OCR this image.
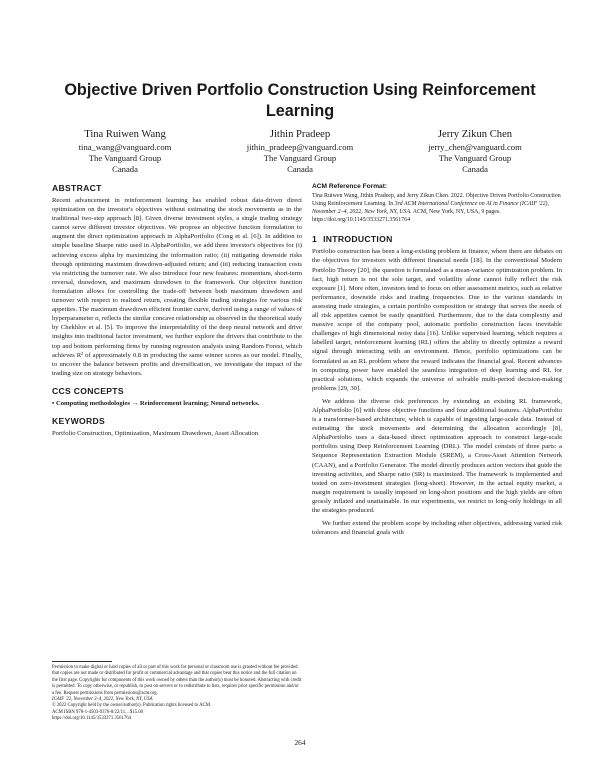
Objective Driven Portfolio Construction Using Reinforcement Learning
Tina Ruiwen Wang
tina_wang@vanguard.com
The Vanguard Group
Canada
Jithin Pradeep
jithin_pradeep@vanguard.com
The Vanguard Group
Canada
Jerry Zikun Chen
jerry_chen@vanguard.com
The Vanguard Group
Canada
ABSTRACT

Recent advancement in reinforcement learning has enabled robust data-driven direct optimization on the investor's objectives without estimating the stock movements as in the traditional two-step approach [8]. Given diverse investment styles, a single trading strategy cannot serve different investor objectives. We propose an objective function formulation to augment the direct optimization approach in AlphaPortfolio (Cong et al. [6]). In addition to simple baseline Sharpe ratio used in AlphaPortfolio, we add three investor's objectives for (i) achieving excess alpha by maximizing the information ratio; (ii) mitigating downside risks through optimizing maximum drawdown-adjusted return; and (iii) reducing transaction costs via restricting the turnover rate. We also introduce four new features: momentum, short-term reversal, drawdown, and maximum drawdown to the framework. Our objective function formulation allows for controlling the trade-off between both maximum drawdown and turnover with respect to realized return, creating flexible trading strategies for various risk appetites. The maximum drawdown efficient frontier curve, derived using a range of values of hyperparameter α, reflects the similar concave relationship as observed in the theoretical study by Chekhlov et al. [5]. To improve the interpretability of the deep neural network and drive insights into traditional factor investment, we further explore the drivers that contribute to the top and bottom performing firms by running regression analysis using Random Forest, which achieves R² of approximately 0.8 in producing the same winner scores as our model. Finally, to uncover the balance between profits and diversification, we investigate the impact of the trading size on strategy behaviors.

CCS CONCEPTS

• Computing methodologies → Reinforcement learning; Neural networks.

KEYWORDS

Portfolio Construction, Optimization, Maximum Drawdown, Asset Allocation

Permission to make digital or hard copies of all or part of this work for personal or classroom use is granted without fee provided that copies are not made or distributed for profit or commercial advantage and that copies bear this notice and the full citation on the first page. Copyrights for components of this work owned by others than the author(s) must be honored. Abstracting with credit is permitted. To copy otherwise, or republish, to post on servers or to redistribute to lists, requires prior specific permission and/or a fee. Request permissions from permissions@acm.org.

ICAIF '22, November 2–4, 2022, New York, NY, USA

© 2022 Copyright held by the owner/author(s). Publication rights licensed to ACM.

ACM ISBN 978-1-4503-9376-8/22/11... $15.00

https://doi.org/10.1145/3533271.3561764

ACM Reference Format:

Tina Ruiwen Wang, Jithin Pradeep, and Jerry Zikun Chen. 2022. Objective Driven Portfolio Construction Using Reinforcement Learning. In 3rd ACM International Conference on AI in Finance (ICAIF '22), November 2–4, 2022, New York, NY, USA. ACM, New York, NY, USA, 9 pages. https://doi.org/10.1145/3533271.3561764

1 INTRODUCTION

Portfolio construction has been a long-existing problem in finance, where there are debates on the objectives for investors with different financial needs [18]. In the conventional Modern Portfolio Theory [20], the question is formulated as a mean-variance optimization problem. In fact, high return is not the sole target, and volatility alone cannot fully reflect the risk exposure [1]. More often, investors tend to focus on other assessment metrics, such as relative performance, downside risks and trading frequencies. Due to the various standards in assessing trade strategies, a certain portfolio composition or strategy that serves the needs of all risk appetites cannot be easily quantified. Furthermore, due to the data complexity and massive scope of the company pool, automatic portfolio construction faces inevitable challenges of high dimensional noisy data [16]. Unlike supervised learning, which requires a labelled target, reinforcement learning (RL) offers the ability to directly optimize a reward signal through interacting with an environment. Hence, portfolio optimizations can be formulated as an RL problem where the reward indicates the financial goal. Recent advances in computing power have enabled the seamless integration of deep learning and RL for practical solutions, which expands the universe of solvable multi-period decision-making problems [29, 30].

We address the diverse risk preferences by extending an existing RL framework, AlphaPortfolio [6] with three objective functions and four additional features. AlphaPortfolio is a transformer-based architecture, which is capable of ingesting large-scale data. Instead of estimating the stock movements and determining the allocation accordingly [8], AlphaPortfolio uses a data-based direct optimization approach to construct large-scale portfolios using Deep Reinforcement Learning (DRL). The model consists of three parts: a Sequence Representation Extraction Module (SREM), a Cross-Asset Attention Network (CAAN), and a Portfolio Generator. The model directly produces action vectors that guide the investing activities, and Sharpe ratio (SR) is maximized. The framework is implemented and tested on zero-investment strategies (long-short). However, in the actual equity market, a margin requirement is usually imposed on long-short positions and the high yields are often grossly inflated and unattainable. In our experiments, we restrict to long-only holdings in all the strategies produced.

We further extend the problem scope by including other objectives, addressing varied risk tolerances and financial goals with

264
